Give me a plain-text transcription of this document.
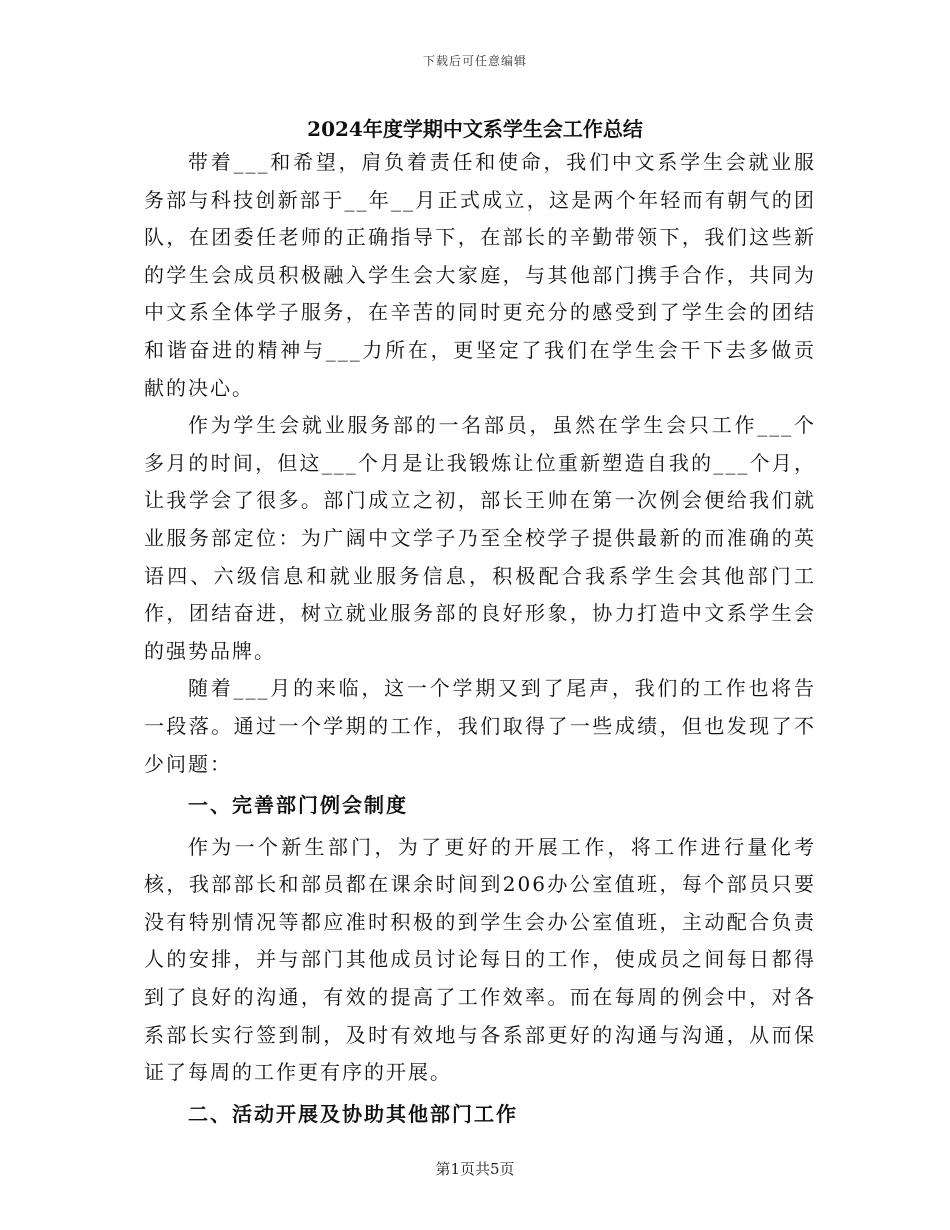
下载后可任意编辑
2024年度学期中文系学生会工作总结

带着___和希望，肩负着责任和使命，我们中文系学生会就业服务部与科技创新部于__年__月正式成立，这是两个年轻而有朝气的团队，在团委任老师的正确指导下，在部长的辛勤带领下，我们这些新的学生会成员积极融入学生会大家庭，与其他部门携手合作，共同为中文系全体学子服务，在辛苦的同时更充分的感受到了学生会的团结和谐奋进的精神与___力所在，更坚定了我们在学生会干下去多做贡献的决心。

作为学生会就业服务部的一名部员，虽然在学生会只工作___个多月的时间，但这___个月是让我锻炼让位重新塑造自我的___个月，让我学会了很多。部门成立之初，部长王帅在第一次例会便给我们就业服务部定位：为广阔中文学子乃至全校学子提供最新的而准确的英语四、六级信息和就业服务信息，积极配合我系学生会其他部门工作，团结奋进，树立就业服务部的良好形象，协力打造中文系学生会的强势品牌。

随着___月的来临，这一个学期又到了尾声，我们的工作也将告一段落。通过一个学期的工作，我们取得了一些成绩，但也发现了不少问题：

一、完善部门例会制度

作为一个新生部门，为了更好的开展工作，将工作进行量化考核，我部部长和部员都在课余时间到206办公室值班，每个部员只要没有特别情况等都应准时积极的到学生会办公室值班，主动配合负责人的安排，并与部门其他成员讨论每日的工作，使成员之间每日都得到了良好的沟通，有效的提高了工作效率。而在每周的例会中，对各系部长实行签到制，及时有效地与各系部更好的沟通与沟通，从而保证了每周的工作更有序的开展。

二、活动开展及协助其他部门工作

第1页共5页
